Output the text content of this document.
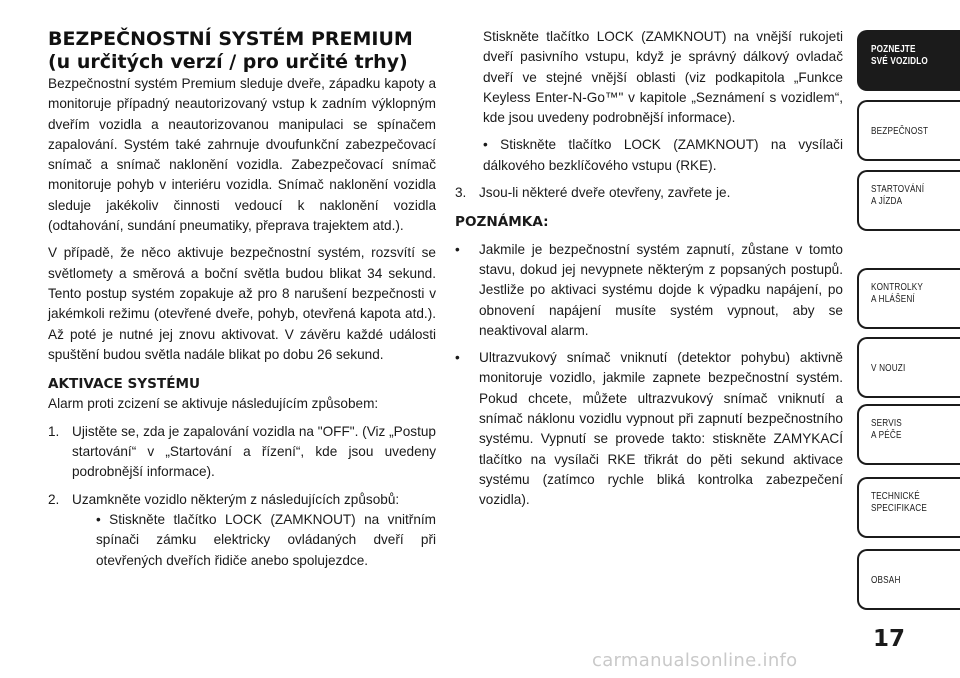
BEZPEČNOSTNÍ SYSTÉM PREMIUM
(u určitých verzí / pro určité trhy)

Bezpečnostní systém Premium sleduje dveře, západku kapoty a monitoruje případný neautorizovaný vstup k zadním výklopným dveřím vozidla a neautorizovanou manipulaci se spínačem zapalování. Systém také zahrnuje dvoufunkční zabezpečovací snímač a snímač naklonění vozidla. Zabezpečovací snímač monitoruje pohyb v interiéru vozidla. Snímač naklonění vozidla sleduje jakékoliv činnosti vedoucí k naklonění vozidla (odtahování, sundání pneumatiky, přeprava trajektem atd.).

V případě, že něco aktivuje bezpečnostní systém, rozsvítí se světlomety a směrová a boční světla budou blikat 34 sekund. Tento postup systém zopakuje až pro 8 narušení bezpečnosti v jakémkoli režimu (otevřené dveře, pohyb, otevřená kapota atd.). Až poté je nutné jej znovu aktivovat. V závěru každé události spuštění budou světla nadále blikat po dobu 26 sekund.

AKTIVACE SYSTÉMU

Alarm proti zcizení se aktivuje následujícím způsobem:

1. Ujistěte se, zda je zapalování vozidla na "OFF". (Viz „Postup startování“ v „Startování a řízení“, kde jsou uvedeny podrobnější informace).
2. Uzamkněte vozidlo některým z následujících způsobů:

• Stiskněte tlačítko LOCK (ZAMKNOUT) na vnitřním spínači zámku elektricky ovládaných dveří při otevřených dveřích řidiče anebo spolujezdce.

Stiskněte tlačítko LOCK (ZAMKNOUT) na vnější rukojeti dveří pasivního vstupu, když je správný dálkový ovladač dveří ve stejné vnější oblasti (viz podkapitola „Funkce Keyless Enter-N-Go™" v kapitole „Seznámení s vozidlem“, kde jsou uvedeny podrobnější informace).

• Stiskněte tlačítko LOCK (ZAMKNOUT) na vysílači dálkového bezklíčového vstupu (RKE).

3. Jsou-li některé dveře otevřeny, zavřete je.
POZNÁMKA:
• Jakmile je bezpečnostní systém zapnutí, zůstane v tomto stavu, dokud jej nevypnete některým z popsaných postupů. Jestliže po aktivaci systému dojde k výpadku napájení, po obnovení napájení musíte systém vypnout, aby se neaktivoval alarm.
• Ultrazvukový snímač vniknutí (detektor pohybu) aktivně monitoruje vozidlo, jakmile zapnete bezpečnostní systém. Pokud chcete, můžete ultrazvukový snímač vniknutí a snímač náklonu vozidlu vypnout při zapnutí bezpečnostního systému. Vypnutí se provede takto: stiskněte ZAMYKACÍ tlačítko na vysílači RKE třikrát do pěti sekund aktivace systému (zatímco rychle bliká kontrolka zabezpečení vozidla).
POZNEJTE
SVÉ VOZIDLO
BEZPEČNOST
STARTOVÁNÍ
A JÍZDA
KONTROLKY
A HLÁŠENÍ
V NOUZI
SERVIS
A PÉČE
TECHNICKÉ
SPECIFIKACE
OBSAH
17
carmanualsonline.info
